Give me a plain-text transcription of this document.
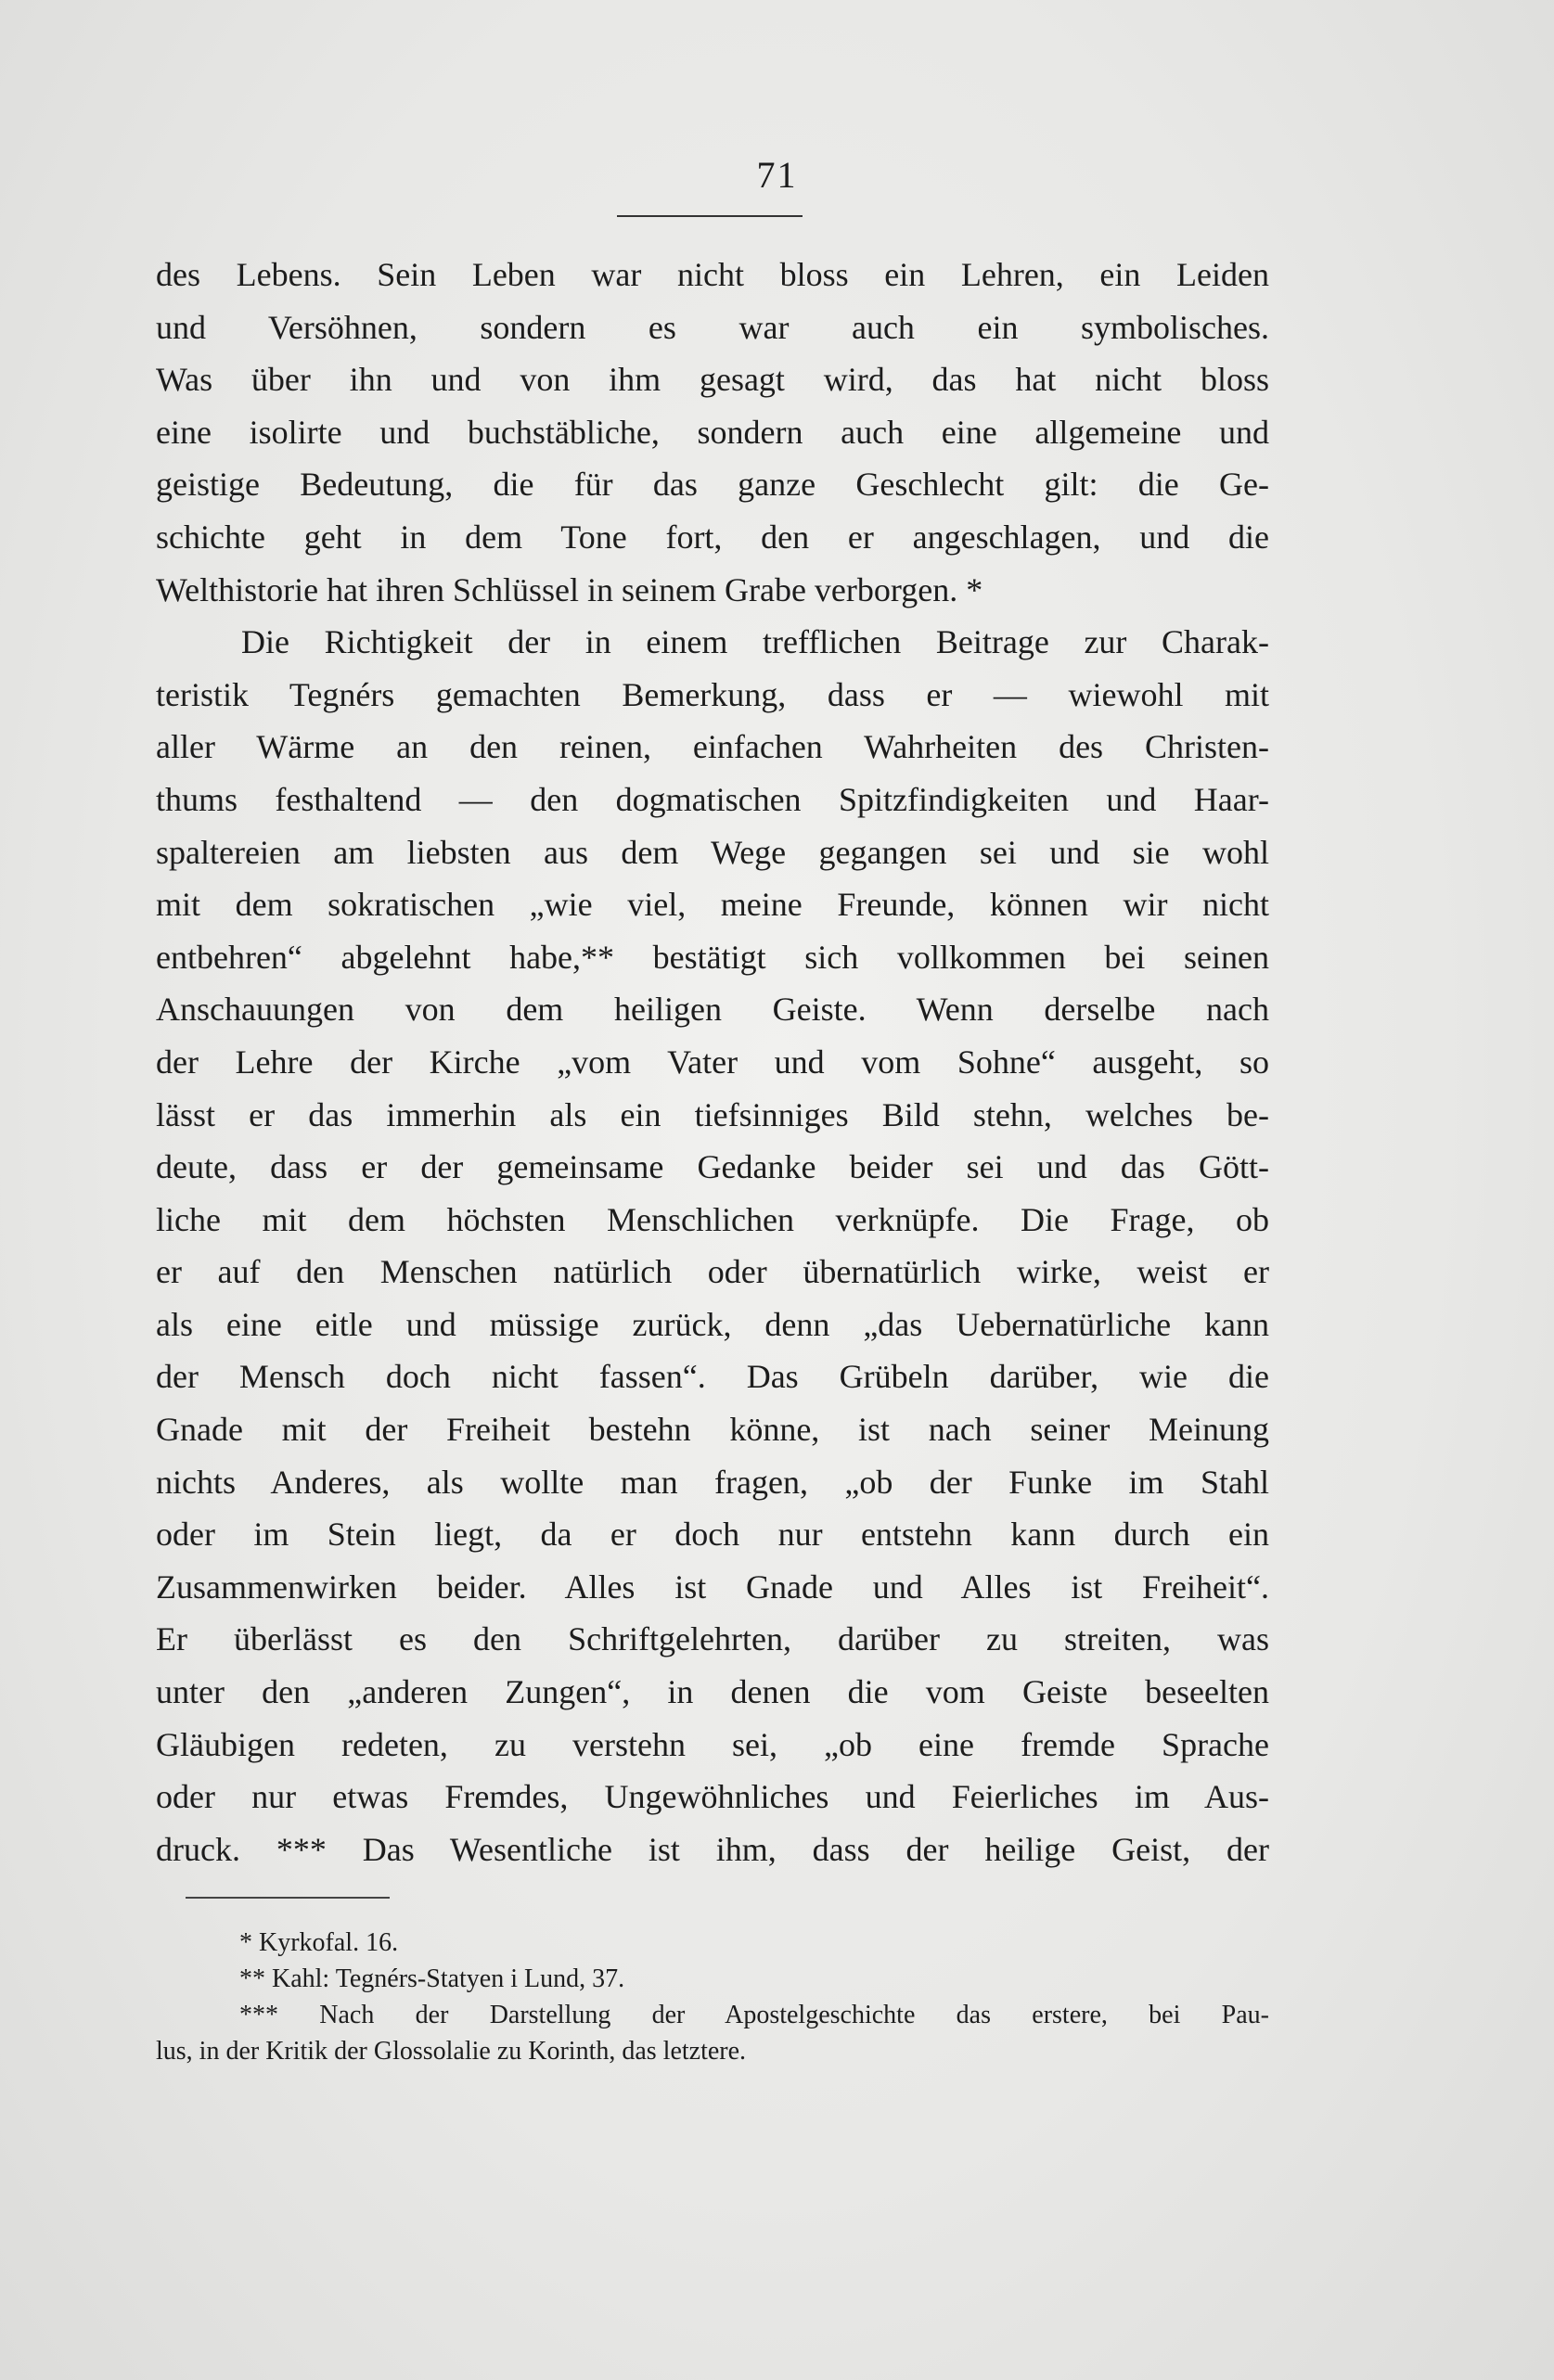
71
des Lebens. Sein Leben war nicht bloss ein Lehren, ein Leiden
und Versöhnen, sondern es war auch ein symbolisches.
Was über ihn und von ihm gesagt wird, das hat nicht bloss
eine isolirte und buchstäbliche, sondern auch eine allgemeine und
geistige Bedeutung, die für das ganze Geschlecht gilt: die Ge-
schichte geht in dem Tone fort, den er angeschlagen, und die
Welthistorie hat ihren Schlüssel in seinem Grabe verborgen. *
Die Richtigkeit der in einem trefflichen Beitrage zur Charak-
teristik Tegnérs gemachten Bemerkung, dass er — wiewohl mit
aller Wärme an den reinen, einfachen Wahrheiten des Christen-
thums festhaltend — den dogmatischen Spitzfindigkeiten und Haar-
spaltereien am liebsten aus dem Wege gegangen sei und sie wohl
mit dem sokratischen „wie viel, meine Freunde, können wir nicht
entbehren“ abgelehnt habe,** bestätigt sich vollkommen bei seinen
Anschauungen von dem heiligen Geiste. Wenn derselbe nach
der Lehre der Kirche „vom Vater und vom Sohne“ ausgeht, so
lässt er das immerhin als ein tiefsinniges Bild stehn, welches be-
deute, dass er der gemeinsame Gedanke beider sei und das Gött-
liche mit dem höchsten Menschlichen verknüpfe. Die Frage, ob
er auf den Menschen natürlich oder übernatürlich wirke, weist er
als eine eitle und müssige zurück, denn „das Uebernatürliche kann
der Mensch doch nicht fassen“. Das Grübeln darüber, wie die
Gnade mit der Freiheit bestehn könne, ist nach seiner Meinung
nichts Anderes, als wollte man fragen, „ob der Funke im Stahl
oder im Stein liegt, da er doch nur entstehn kann durch ein
Zusammenwirken beider. Alles ist Gnade und Alles ist Freiheit“.
Er überlässt es den Schriftgelehrten, darüber zu streiten, was
unter den „anderen Zungen“, in denen die vom Geiste beseelten
Gläubigen redeten, zu verstehn sei, „ob eine fremde Sprache
oder nur etwas Fremdes, Ungewöhnliches und Feierliches im Aus-
druck. *** Das Wesentliche ist ihm, dass der heilige Geist, der
* Kyrkofal. 16.
** Kahl: Tegnérs-Statyen i Lund, 37.
*** Nach der Darstellung der Apostelgeschichte das erstere, bei Pau-
lus, in der Kritik der Glossolalie zu Korinth, das letztere.
